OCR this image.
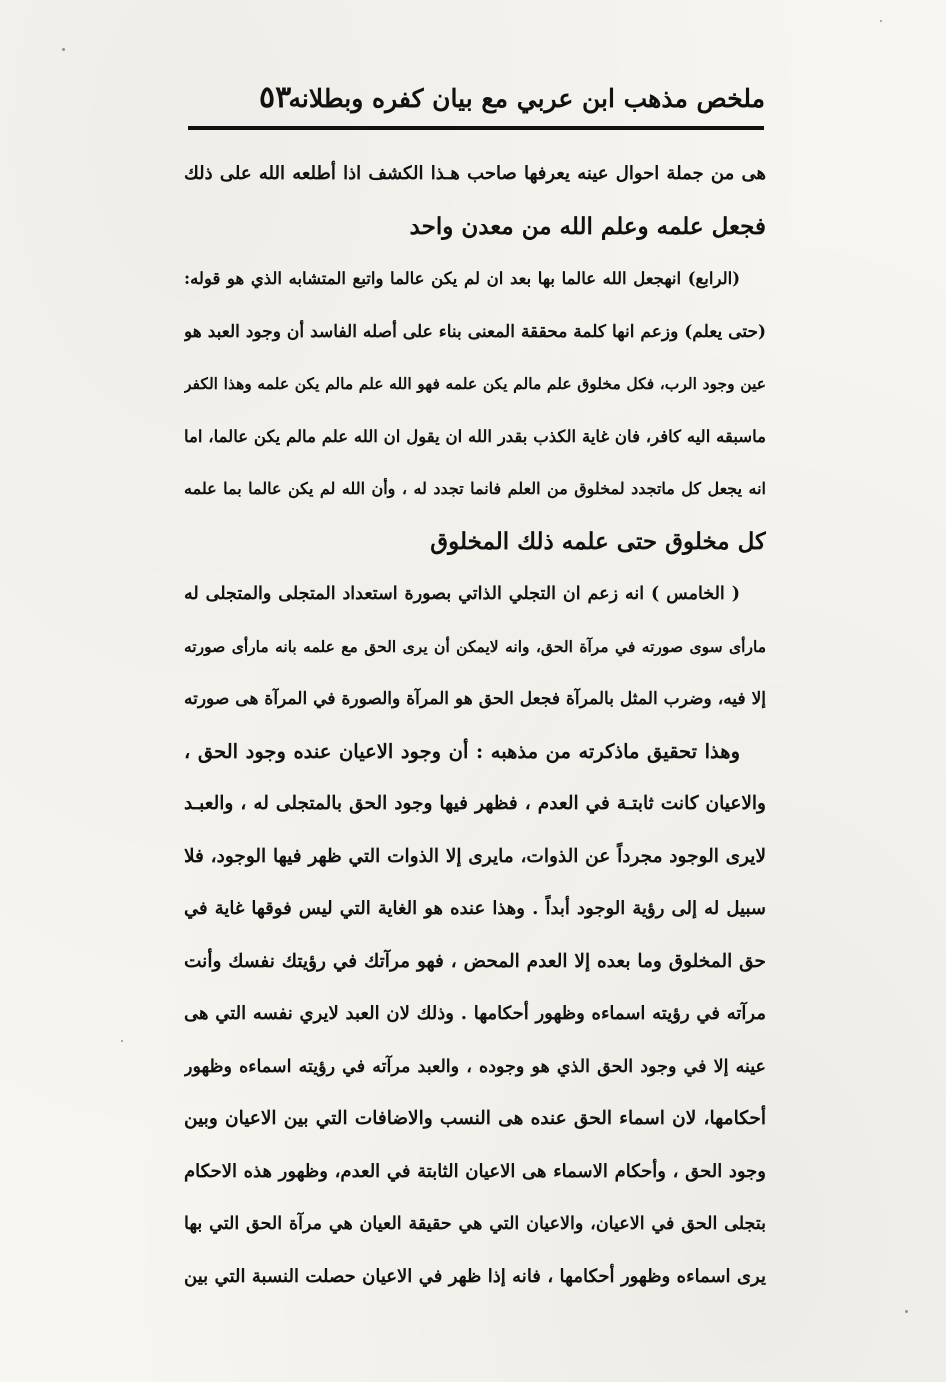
ملخص مذهب ابن عربي مع بيان كفره وبطلانه
٥٣
هى من جملة احوال عينه يعرفها صاحب هـذا الكشف اذا أطلعه الله على ذلك
فجعل علمه وعلم الله من معدن واحد
(الرابع) انهجعل الله عالما بها بعد ان لم يكن عالما واتبع المتشابه الذي هو قوله:
(حتى يعلم) وزعم انها كلمة محققة المعنى بناء على أصله الفاسد أن وجود العبد هو
عين وجود الرب، فكل مخلوق علم مالم يكن علمه فهو الله علم مالم يكن علمه وهذا الكفر
ماسبقه اليه كافر، فان غاية الكذب بقدر الله ان يقول ان الله علم مالم يكن عالما، اما
انه يجعل كل ماتجدد لمخلوق من العلم فانما تجدد له ، وأن الله لم يكن عالما بما علمه
كل مخلوق حتى علمه ذلك المخلوق
( الخامس ) انه زعم ان التجلي الذاتي بصورة استعداد المتجلى والمتجلى له
مارأى سوى صورته في مرآة الحق، وانه لايمكن أن يرى الحق مع علمه بانه مارأى صورته
إلا فيه، وضرب المثل بالمرآة فجعل الحق هو المرآة والصورة في المرآة هى صورته
وهذا تحقيق ماذكرته من مذهبه : أن وجود الاعيان عنده وجود الحق ،
والاعيان كانت ثابتـة في العدم ، فظهر فيها وجود الحق بالمتجلى له ، والعبـد
لايرى الوجود مجرداً عن الذوات، مايرى إلا الذوات التي ظهر فيها الوجود، فلا
سبيل له إلى رؤية الوجود أبداً . وهذا عنده هو الغاية التي ليس فوقها غاية في
حق المخلوق وما بعده إلا العدم المحض ، فهو مرآتك في رؤيتك نفسك وأنت
مرآته في رؤيته اسماءه وظهور أحكامها . وذلك لان العبد لايري نفسه التي هى
عينه إلا في وجود الحق الذي هو وجوده ، والعبد مرآته في رؤيته اسماءه وظهور
أحكامها، لان اسماء الحق عنده هى النسب والاضافات التي بين الاعيان وبين
وجود الحق ، وأحكام الاسماء هى الاعيان الثابتة في العدم، وظهور هذه الاحكام
بتجلى الحق في الاعيان، والاعيان التي هي حقيقة العيان هي مرآة الحق التي بها
يرى اسماءه وظهور أحكامها ، فانه إذا ظهر في الاعيان حصلت النسبة التي بين
